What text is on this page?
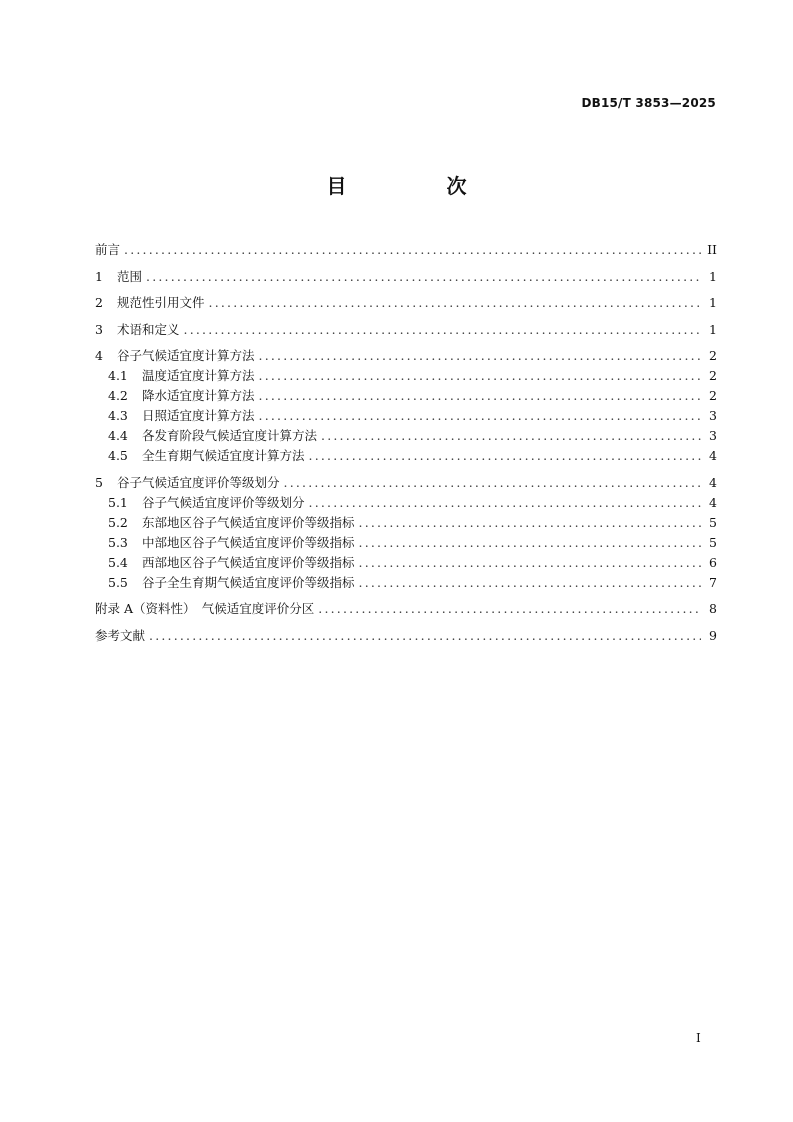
DB15/T 3853—2025
目　次
前言 .....	II
1 范围 .....	1
2 规范性引用文件 .....	1
3 术语和定义 .....	1
4 谷子气候适宜度计算方法 .....	2
4.1 温度适宜度计算方法 .....	2
4.2 降水适宜度计算方法 .....	2
4.3 日照适宜度计算方法 .....	3
4.4 各发育阶段气候适宜度计算方法 .....	3
4.5 全生育期气候适宜度计算方法 .....	4
5 谷子气候适宜度评价等级划分 .....	4
5.1 谷子气候适宜度评价等级划分 .....	4
5.2 东部地区谷子气候适宜度评价等级指标 .....	5
5.3 中部地区谷子气候适宜度评价等级指标 .....	5
5.4 西部地区谷子气候适宜度评价等级指标 .....	6
5.5 谷子全生育期气候适宜度评价等级指标 .....	7
附录 A（资料性）　气候适宜度评价分区 .....	8
参考文献 .....	9
I
